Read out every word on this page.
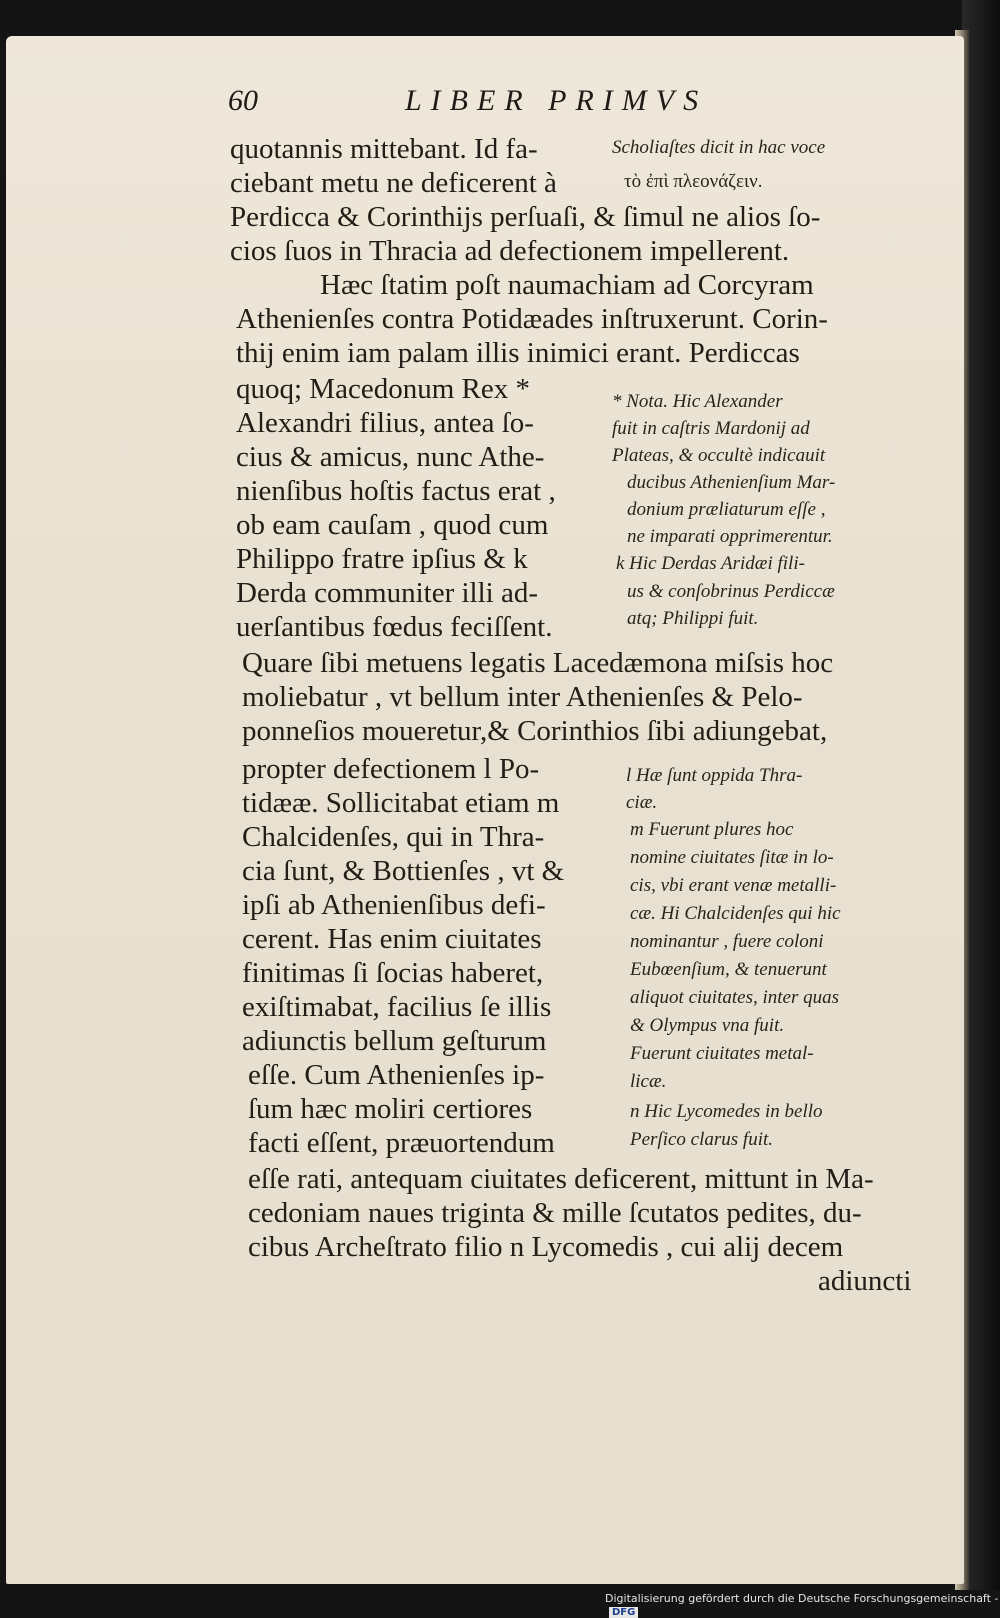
60	LIBER PRIMVS
quotannis mittebant. Id fa-
ciebant metu ne deficerent à
Perdicca & Corinthijs perſuaſi, & ſimul ne alios ſo-
cios ſuos in Thracia ad defectionem impellerent.
Hæc ſtatim poſt naumachiam ad Corcyram
Athenienſes contra Potidæades inſtruxerunt. Corin-
thij enim iam palam illis inimici erant. Perdiccas
quoq; Macedonum Rex *
Alexandri filius, antea ſo-
cius & amicus, nunc Athe-
nienſibus hoſtis factus erat ,
ob eam cauſam , quod cum
Philippo fratre ipſius & k
Derda communiter illi ad-
uerſantibus fœdus feciſſent.
Quare ſibi metuens legatis Lacedæmona miſsis hoc
moliebatur , vt bellum inter Athenienſes & Pelo-
ponneſios moueretur,& Corinthios ſibi adiungebat,
propter defectionem l Po-
tidææ. Sollicitabat etiam m
Chalcidenſes, qui in Thra-
cia ſunt, & Bottienſes , vt &
ipſi ab Athenienſibus defi-
cerent. Has enim ciuitates
finitimas ſi ſocias haberet,
exiſtimabat, facilius ſe illis
adiunctis bellum geſturum
eſſe. Cum Athenienſes ip-
ſum hæc moliri certiores
facti eſſent, præuortendum
eſſe rati, antequam ciuitates deficerent, mittunt in Ma-
cedoniam naues triginta & mille ſcutatos pedites, du-
cibus Archeſtrato filio n Lycomedis , cui alij decem
adiuncti
Scholiaſtes dicit in hac voce
τὸ ἐπὶ πλεονάζειν.
* Nota. Hic Alexander
fuit in caſtris Mardonij ad
Plateas, & occultè indicauit
ducibus Athenienſium Mar-
donium præliaturum eſſe ,
ne imparati opprimerentur.
k Hic Derdas Aridæi fili-
us & conſobrinus Perdiccæ
atq; Philippi fuit.
l Hæ ſunt oppida Thra-
ciæ.
m Fuerunt plures hoc
nomine ciuitates ſitæ in lo-
cis, vbi erant venæ metalli-
cæ. Hi Chalcidenſes qui hic
nominantur , fuere coloni
Eubœenſium, & tenuerunt
aliquot ciuitates, inter quas
& Olympus vna fuit.
Fuerunt ciuitates metal-
licæ.
n Hic Lycomedes in bello
Perſico clarus fuit.
Digitalisierung gefördert durch die Deutsche Forschungsgemeinschaft -DFG
